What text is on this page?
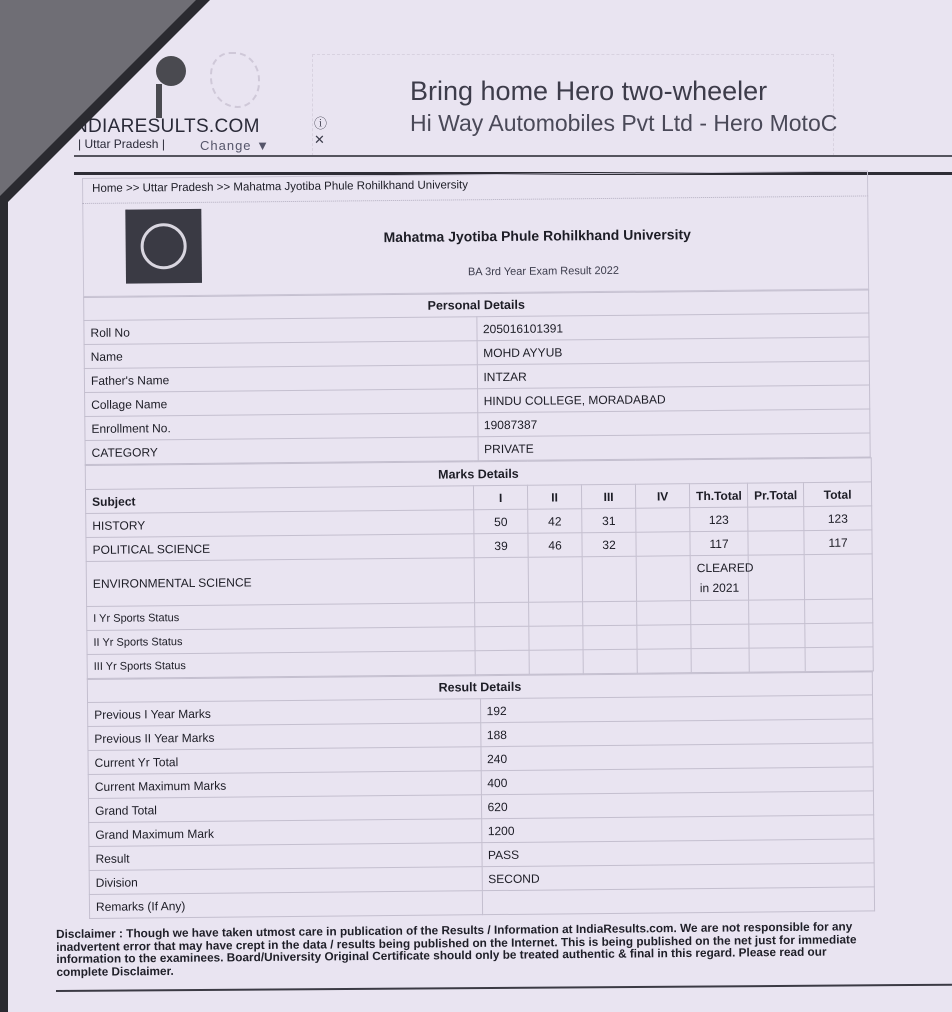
NDIARESULTS.COM
| Uttar Pradesh |	Change ▼
ⓘ
✕
Bring home Hero two-wheeler
Hi Way Automobiles Pvt Ltd - Hero MotoC
Home >> Uttar Pradesh >> Mahatma Jyotiba Phule Rohilkhand University
Mahatma Jyotiba Phule Rohilkhand University
BA 3rd Year Exam Result 2022
Personal Details	
Roll No	205016101391
Name	MOHD AYYUB
Father's Name	INTZAR
Collage Name	HINDU COLLEGE, MORADABAD
Enrollment No.	19087387
CATEGORY	PRIVATE
Marks Details							
Subject	I	II	III	IV	Th.Total	Pr.Total	Total
HISTORY	50	42	31		123		123
POLITICAL SCIENCE	39	46	32		117		117
ENVIRONMENTAL SCIENCE					CLEARED
in 2021		
I Yr Sports Status							
II Yr Sports Status							
III Yr Sports Status							
Result Details	
Previous I Year Marks	192
Previous II Year Marks	188
Current Yr Total	240
Current Maximum Marks	400
Grand Total	620
Grand Maximum Mark	1200
Result	PASS
Division	SECOND
Remarks (If Any)	
Disclaimer : Though we have taken utmost care in publication of the Results / Information at IndiaResults.com. We are not responsible for any inadvertent error that may have crept in the data / results being published on the Internet. This is being published on the net just for immediate information to the examinees. Board/University Original Certificate should only be treated authentic & final in this regard. Please read our complete Disclaimer.
